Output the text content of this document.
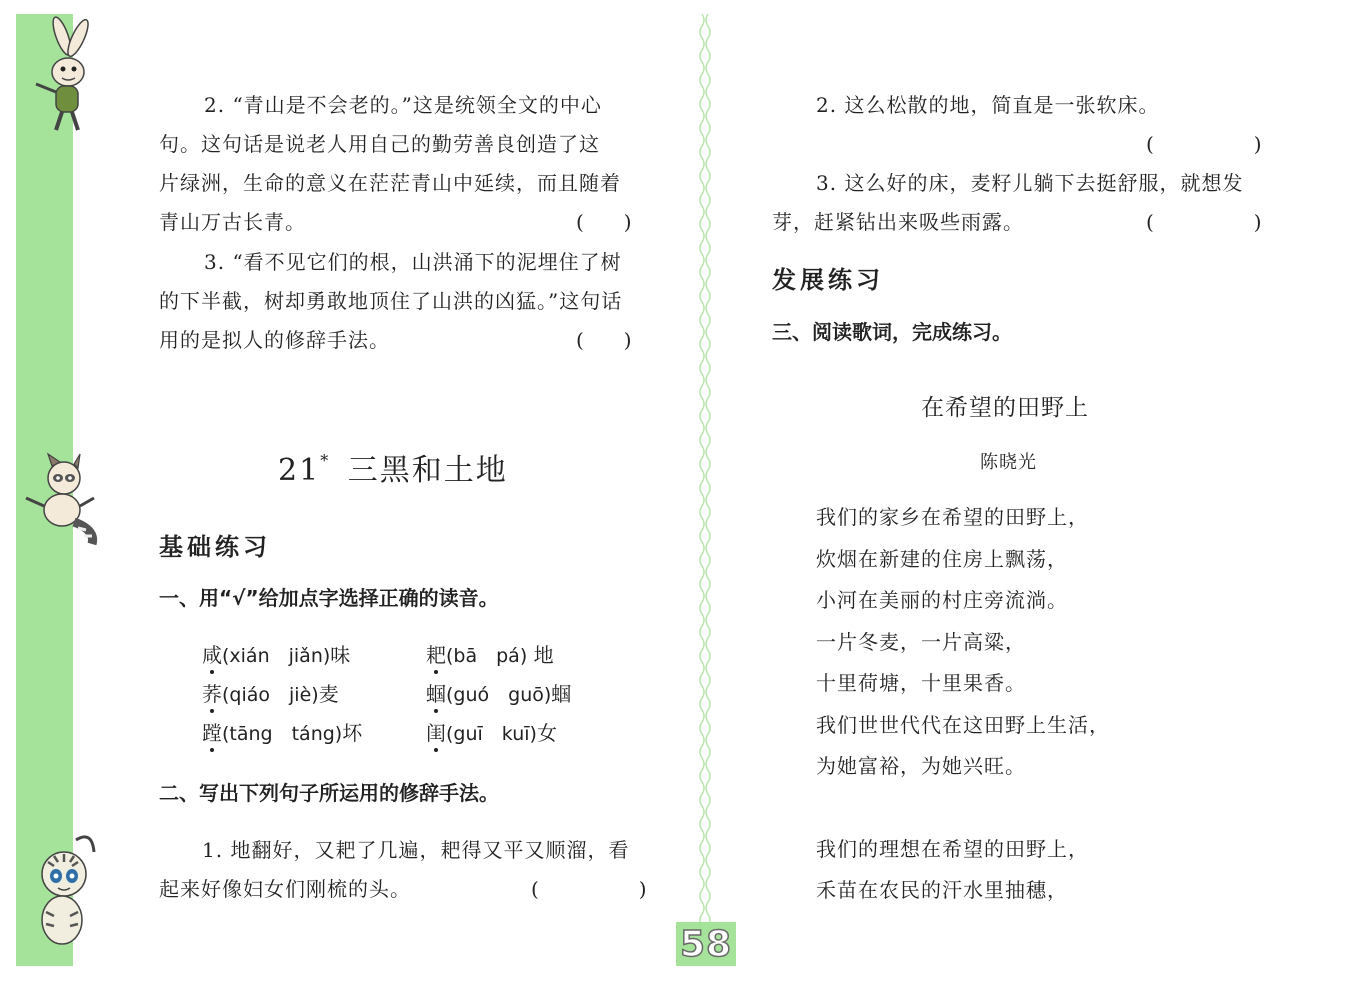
58
2. “青山是不会老的。”这是统领全文的中心
句。这句话是说老人用自己的勤劳善良创造了这
片绿洲，生命的意义在茫茫青山中延续，而且随着
青山万古长青。	(　　)
3. “看不见它们的根，山洪涌下的泥埋住了树
的下半截，树却勇敢地顶住了山洪的凶猛。”这句话
用的是拟人的修辞手法。	(　　)
21* 三黑和土地
基础练习
一、用“√”给加点字选择正确的读音。
咸(xián　jiǎn)味	耙(bā　pá) 地
荞(qiáo　jiè)麦	蝈(guó　guō)蝈
蹚(tāng　táng)坏	闺(guī　kuī)女
二、写出下列句子所运用的修辞手法。
1. 地翻好，又耙了几遍，耙得又平又顺溜，看
起来好像妇女们刚梳的头。	(　　　　　)
2. 这么松散的地，简直是一张软床。
(　　　　　)
3. 这么好的床，麦籽儿躺下去挺舒服，就想发
芽，赶紧钻出来吸些雨露。	(　　　　　)
发展练习
三、阅读歌词，完成练习。
在希望的田野上
陈晓光
我们的家乡在希望的田野上，
炊烟在新建的住房上飘荡，
小河在美丽的村庄旁流淌。
一片冬麦，一片高粱，
十里荷塘，十里果香。
我们世世代代在这田野上生活，
为她富裕，为她兴旺。
我们的理想在希望的田野上，
禾苗在农民的汗水里抽穗，
